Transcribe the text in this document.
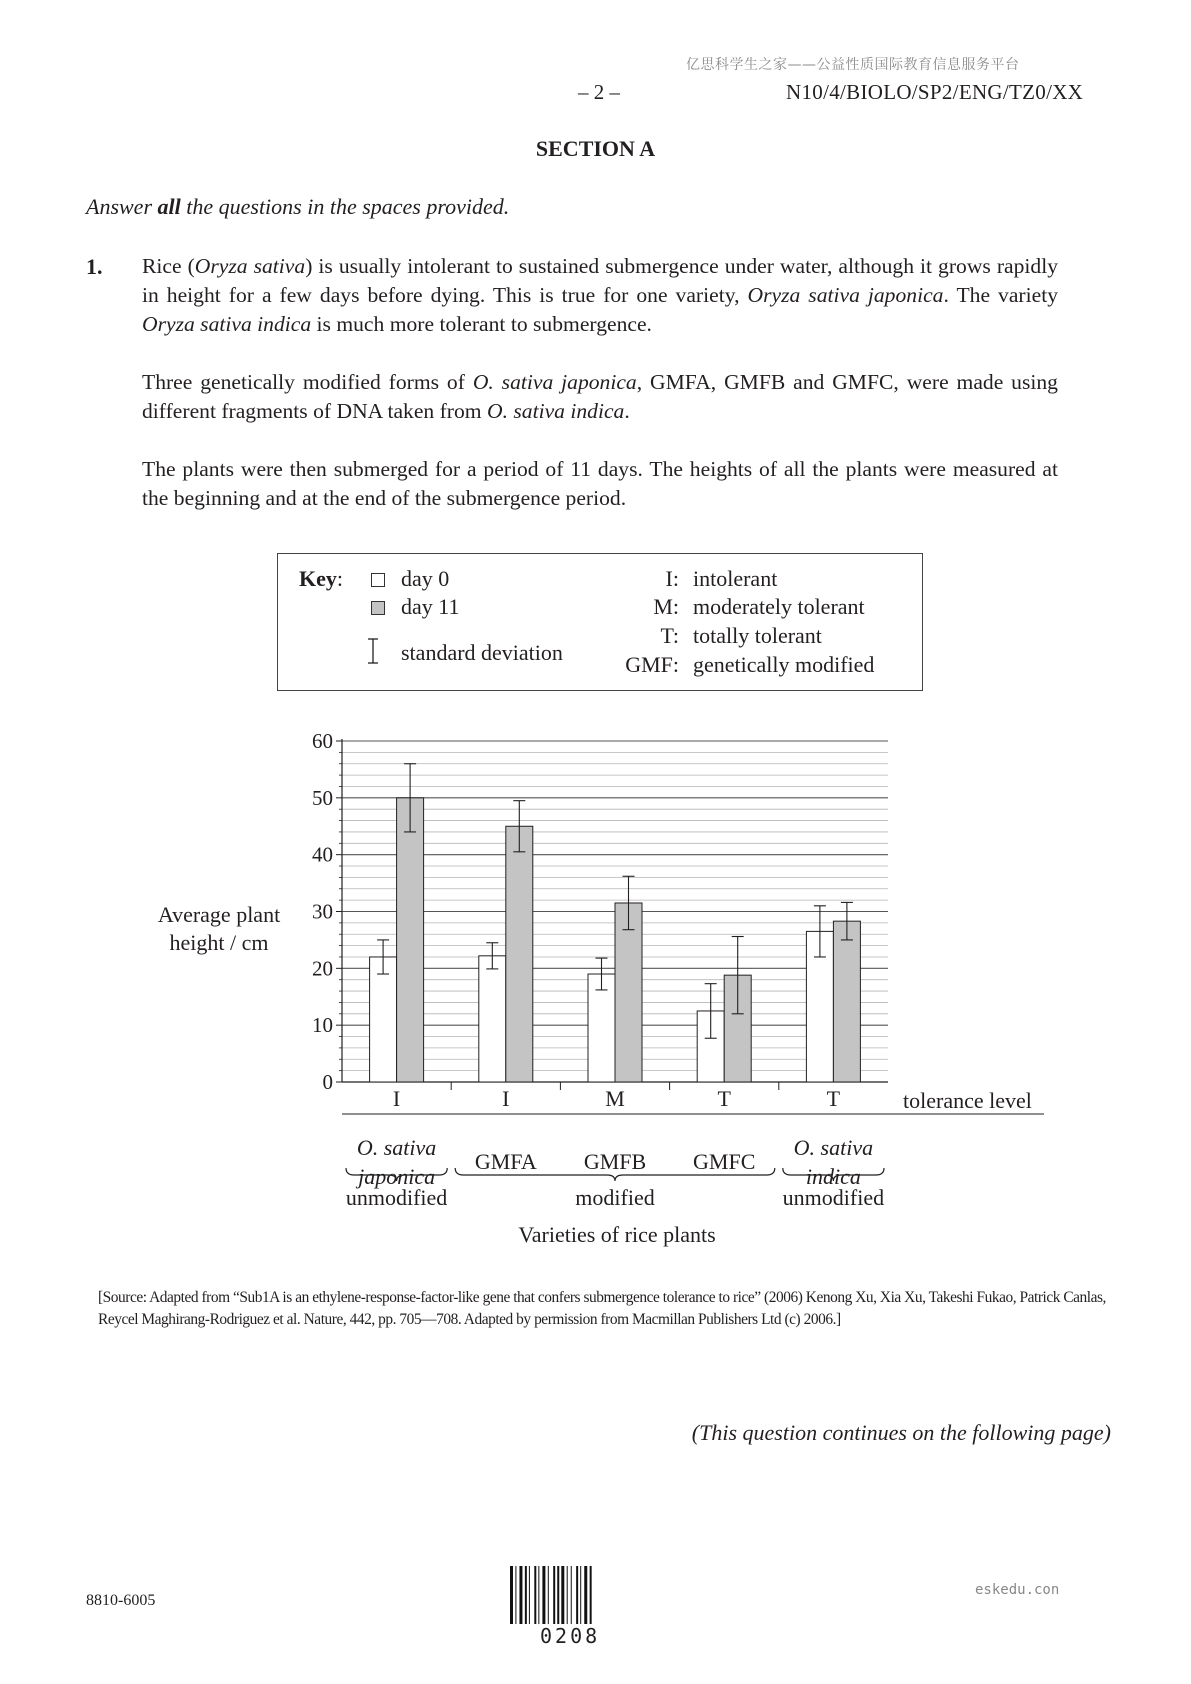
亿思科学生之家——公益性质国际教育信息服务平台
– 2 –	N10/4/BIOLO/SP2/ENG/TZ0/XX
SECTION A
Answer all the questions in the spaces provided.
1. Rice (Oryza sativa) is usually intolerant to sustained submergence under water, although it grows rapidly in height for a few days before dying. This is true for one variety, Oryza sativa japonica. The variety Oryza sativa indica is much more tolerant to submergence.
Three genetically modified forms of O. sativa japonica, GMFA, GMFB and GMFC, were made using different fragments of DNA taken from O. sativa indica.
The plants were then submerged for a period of 11 days. The heights of all the plants were measured at the beginning and at the end of the submergence period.
Key:	day 0
day 11
standard deviation
I: intolerant
M: moderately tolerant
T: totally tolerant
GMF: genetically modified
0
10
20
30
40
50
60
Average plant
height / cm
I
O. sativa
japonica
I
GMFA
M
GMFB
T
GMFC
T
O. sativa
indica
tolerance level
unmodified	modified	unmodified
Varieties of rice plants
[Source: Adapted from “Sub1A is an ethylene-response-factor-like gene that confers submergence tolerance to rice” (2006) Kenong Xu, Xia Xu, Takeshi Fukao, Patrick Canlas, Reycel Maghirang-Rodriguez et al. Nature, 442, pp. 705—708. Adapted by permission from Macmillan Publishers Ltd (c) 2006.]
(This question continues on the following page)
8810-6005
eskedu.con
0208
